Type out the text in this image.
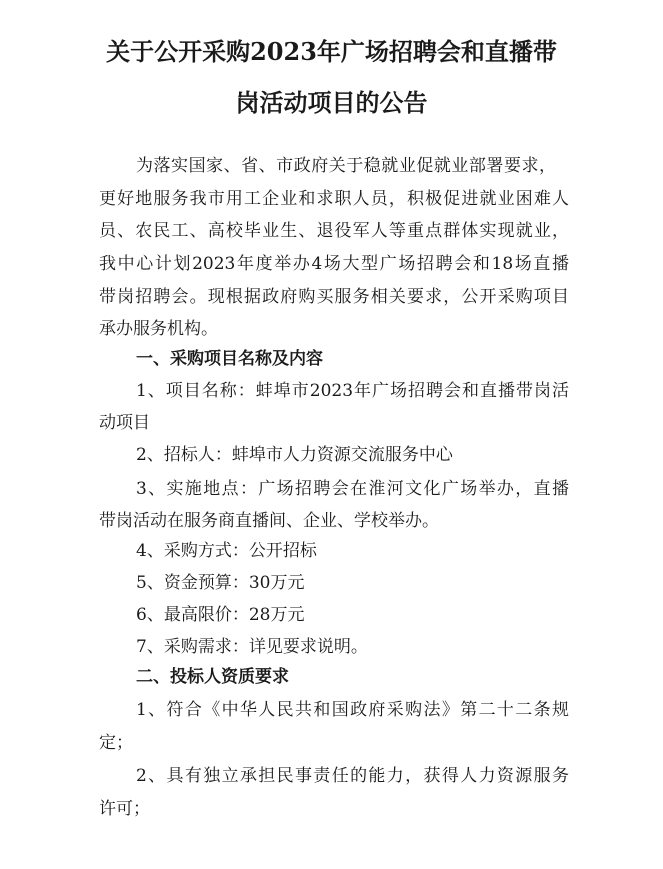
关于公开采购2023年广场招聘会和直播带
岗活动项目的公告

为落实国家、省、市政府关于稳就业促就业部署要求，

更好地服务我市用工企业和求职人员，积极促进就业困难人

员、农民工、高校毕业生、退役军人等重点群体实现就业，

我中心计划2023年度举办4场大型广场招聘会和18场直播

带岗招聘会。现根据政府购买服务相关要求，公开采购项目

承办服务机构。

一、采购项目名称及内容

1、项目名称：蚌埠市2023年广场招聘会和直播带岗活

动项目

2、招标人：蚌埠市人力资源交流服务中心

3、实施地点：广场招聘会在淮河文化广场举办，直播

带岗活动在服务商直播间、企业、学校举办。

4、采购方式：公开招标

5、资金预算：30万元

6、最高限价：28万元

7、采购需求：详见要求说明。

二、投标人资质要求

1、符合《中华人民共和国政府采购法》第二十二条规

定；

2、具有独立承担民事责任的能力，获得人力资源服务

许可；
